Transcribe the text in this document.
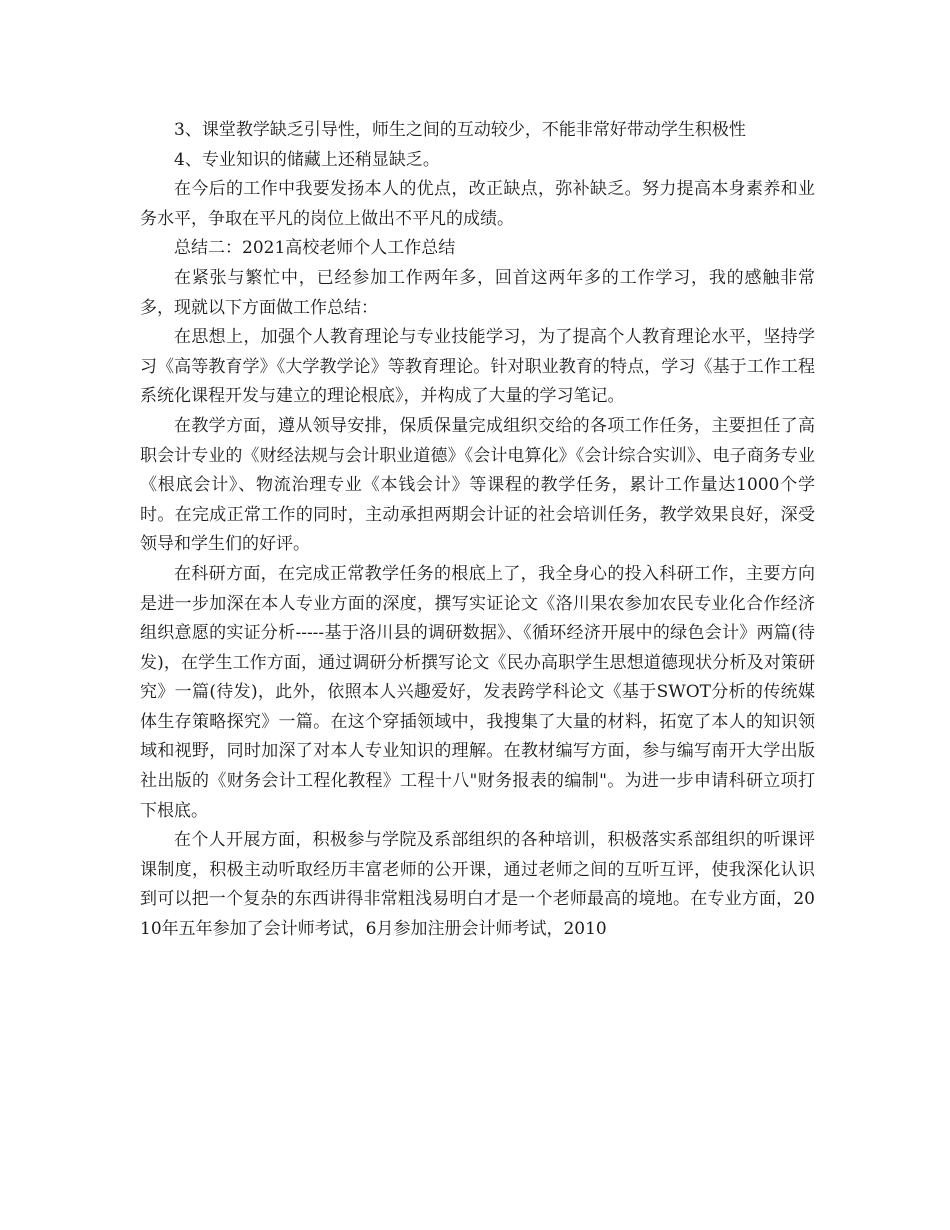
3、课堂教学缺乏引导性，师生之间的互动较少，不能非常好带动学生积极性

4、专业知识的储藏上还稍显缺乏。

在今后的工作中我要发扬本人的优点，改正缺点，弥补缺乏。努力提高本身素养和业务水平，争取在平凡的岗位上做出不平凡的成绩。

总结二：2021高校老师个人工作总结

在紧张与繁忙中，已经参加工作两年多，回首这两年多的工作学习，我的感触非常多，现就以下方面做工作总结：

在思想上，加强个人教育理论与专业技能学习，为了提高个人教育理论水平，坚持学习《高等教育学》《大学教学论》等教育理论。针对职业教育的特点，学习《基于工作工程系统化课程开发与建立的理论根底》，并构成了大量的学习笔记。

在教学方面，遵从领导安排，保质保量完成组织交给的各项工作任务，主要担任了高职会计专业的《财经法规与会计职业道德》《会计电算化》《会计综合实训》、电子商务专业《根底会计》、物流治理专业《本钱会计》等课程的教学任务，累计工作量达1000个学时。在完成正常工作的同时，主动承担两期会计证的社会培训任务，教学效果良好，深受领导和学生们的好评。

在科研方面，在完成正常教学任务的根底上了，我全身心的投入科研工作，主要方向是进一步加深在本人专业方面的深度，撰写实证论文《洛川果农参加农民专业化合作经济组织意愿的实证分析-----基于洛川县的调研数据》、《循环经济开展中的绿色会计》两篇(待发)，在学生工作方面，通过调研分析撰写论文《民办高职学生思想道德现状分析及对策研究》一篇(待发)，此外，依照本人兴趣爱好，发表跨学科论文《基于SWOT分析的传统媒体生存策略探究》一篇。在这个穿插领域中，我搜集了大量的材料，拓宽了本人的知识领域和视野，同时加深了对本人专业知识的理解。在教材编写方面，参与编写南开大学出版社出版的《财务会计工程化教程》工程十八"财务报表的编制"。为进一步申请科研立项打下根底。

在个人开展方面，积极参与学院及系部组织的各种培训，积极落实系部组织的听课评课制度，积极主动听取经历丰富老师的公开课，通过老师之间的互听互评，使我深化认识到可以把一个复杂的东西讲得非常粗浅易明白才是一个老师最高的境地。在专业方面，2010年五年参加了会计师考试，6月参加注册会计师考试，2010
